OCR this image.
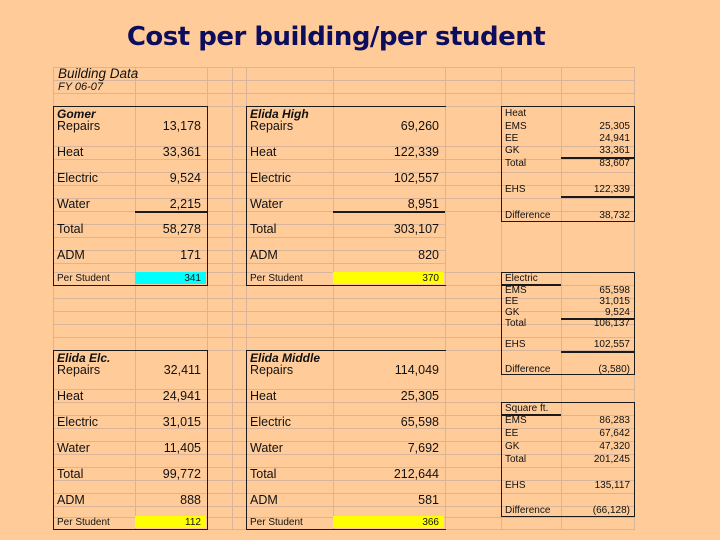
Cost per building/per student
Building Data
FY 06-07
Gomer
Repairs	13,178
Heat	33,361
Electric	9,524
Water	2,215
Total	58,278
ADM	171
Per Student	341
Elida High
Repairs	69,260
Heat	122,339
Electric	102,557
Water	8,951
Total	303,107
ADM	820
Per Student	370
Elida Elc.
Repairs	32,411
Heat	24,941
Electric	31,015
Water	11,405
Total	99,772
ADM	888
Per Student	112
Elida Middle
Repairs	114,049
Heat	25,305
Electric	65,598
Water	7,692
Total	212,644
ADM	581
Per Student	366
Heat
EMS	25,305
EE	24,941
GK	33,361
Total	83,607
EHS	122,339
Difference	38,732
Electric
EMS	65,598
EE	31,015
GK	9,524
Total	106,137
EHS	102,557
Difference	(3,580)
Square ft.
EMS	86,283
EE	67,642
GK	47,320
Total	201,245
EHS	135,117
Difference	(66,128)
